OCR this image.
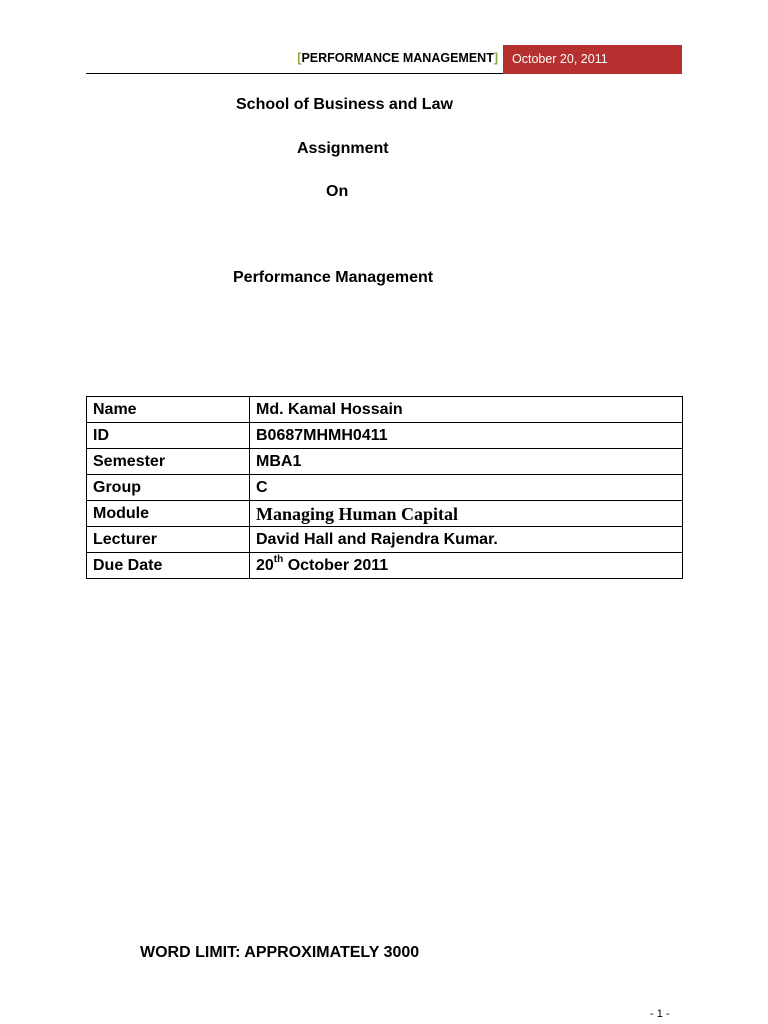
[PERFORMANCE MANAGEMENT]	October 20, 2011
School of Business and Law
Assignment
On
Performance Management
Name	Md. Kamal Hossain
ID	B0687MHMH0411
Semester	MBA1
Group	C
Module	Managing Human Capital
Lecturer	David Hall and Rajendra Kumar.
Due Date	20th October 2011
WORD LIMIT: APPROXIMATELY 3000
- 1 -
